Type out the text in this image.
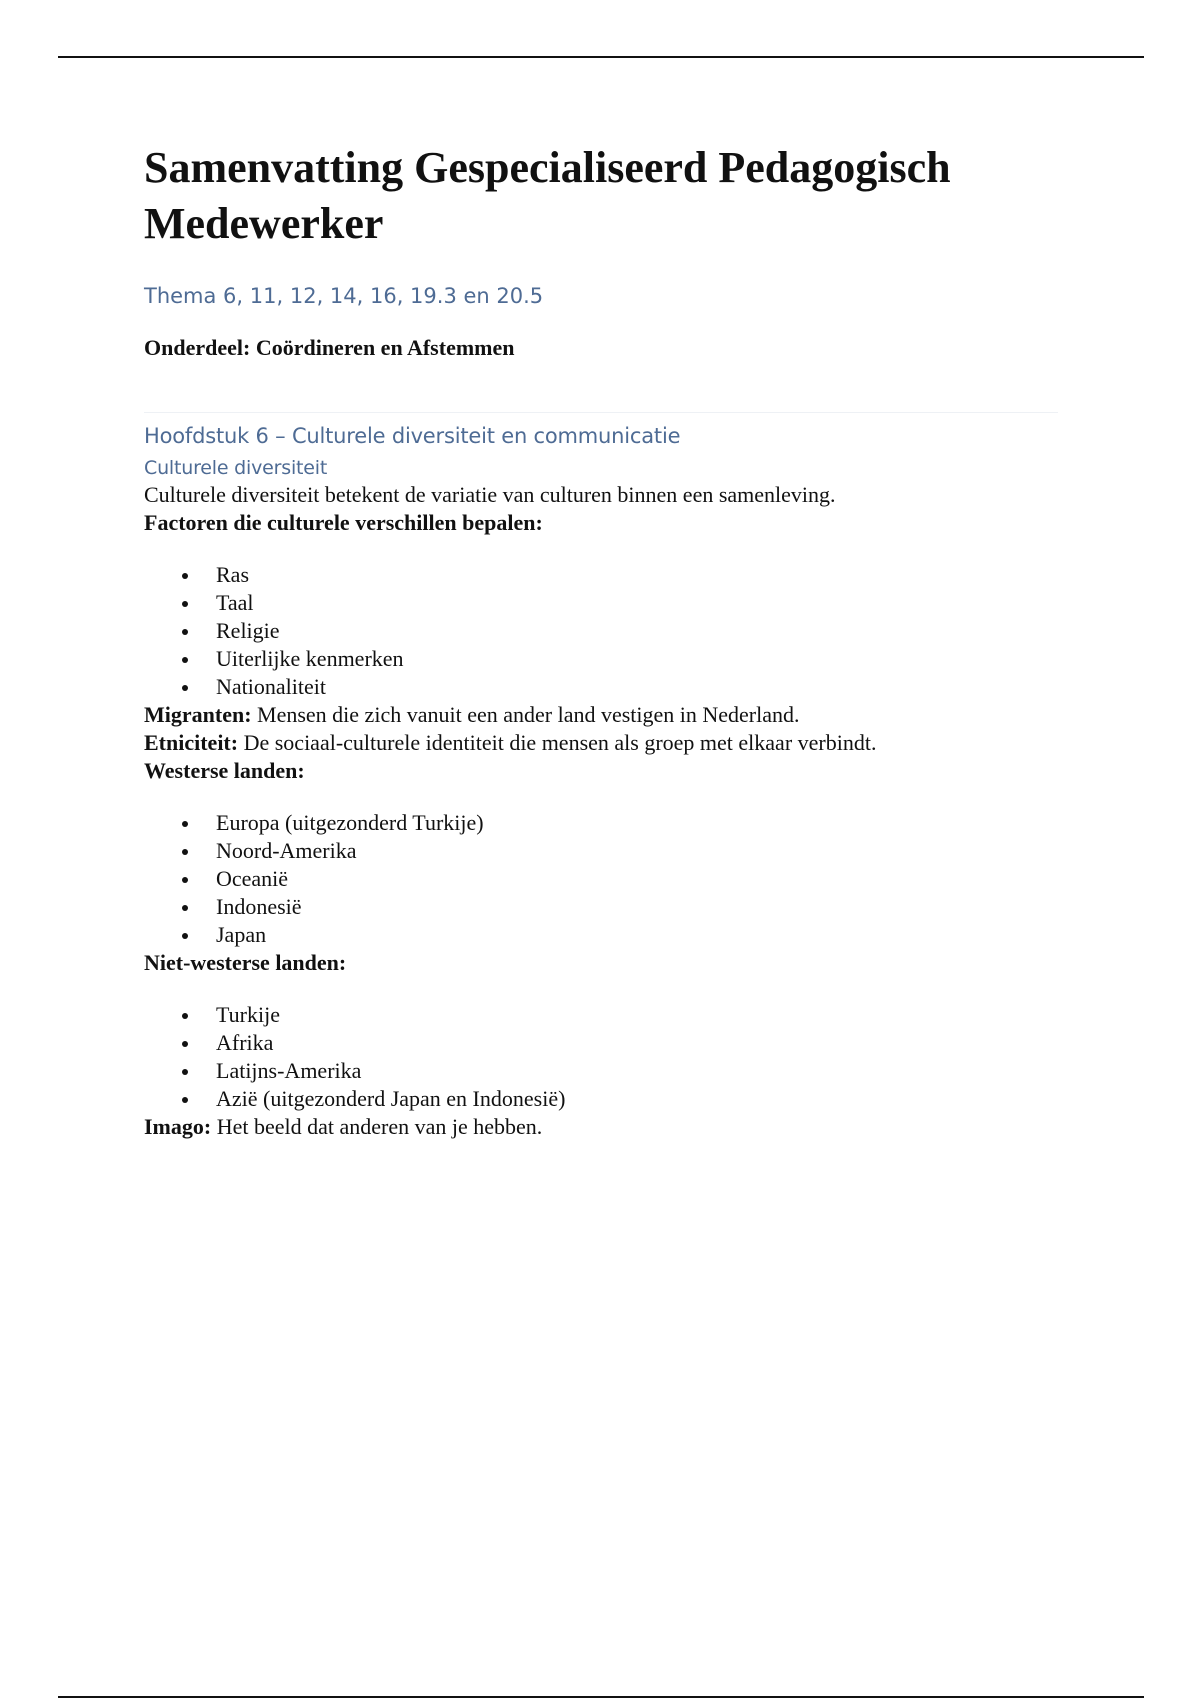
Samenvatting Gespecialiseerd Pedagogisch Medewerker
Thema 6, 11, 12, 14, 16, 19.3 en 20.5
Onderdeel: Coördineren en Afstemmen
Hoofdstuk 6 – Culturele diversiteit en communicatie
Culturele diversiteit

Culturele diversiteit betekent de variatie van culturen binnen een samenleving.

Factoren die culturele verschillen bepalen:

Ras
Taal
Religie
Uiterlijke kenmerken
Nationaliteit

Migranten: Mensen die zich vanuit een ander land vestigen in Nederland.

Etniciteit: De sociaal-culturele identiteit die mensen als groep met elkaar verbindt.

Westerse landen:

Europa (uitgezonderd Turkije)
Noord-Amerika
Oceanië
Indonesië
Japan

Niet-westerse landen:

Turkije
Afrika
Latijns-Amerika
Azië (uitgezonderd Japan en Indonesië)

Imago: Het beeld dat anderen van je hebben.
